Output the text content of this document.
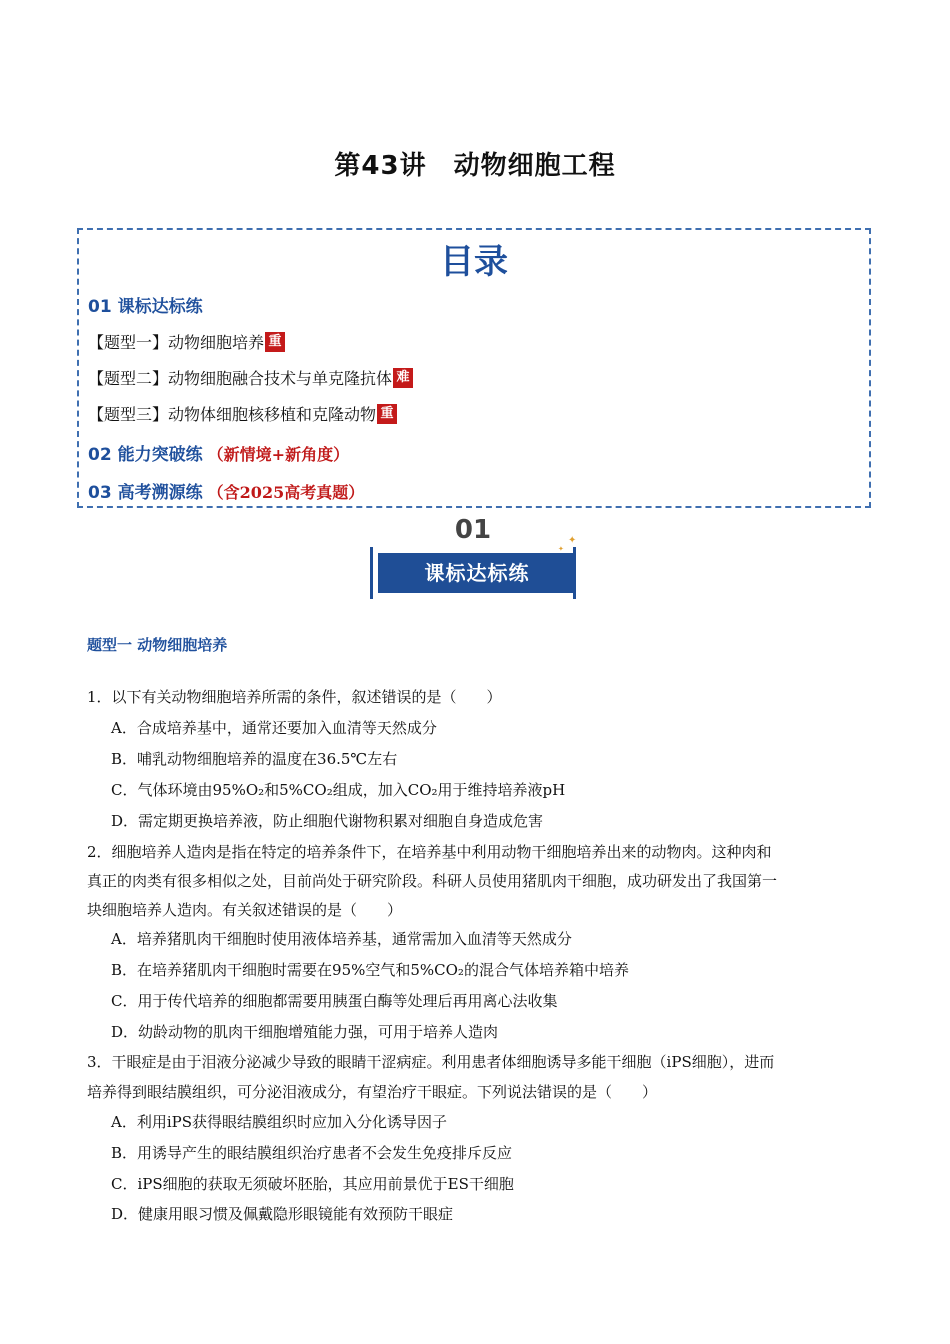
第43讲　动物细胞工程
目录
01 课标达标练
【题型一】动物细胞培养 重
【题型二】动物细胞融合技术与单克隆抗体 难
【题型三】动物体细胞核移植和克隆动物 重
02 能力突破练 （新情境+新角度）
03 高考溯源练 （含2025高考真题）
01
课标达标练
✦
✦
题型一 动物细胞培养
1．以下有关动物细胞培养所需的条件，叙述错误的是（　　）
A．合成培养基中，通常还要加入血清等天然成分
B．哺乳动物细胞培养的温度在36.5℃左右
C．气体环境由95%O₂和5%CO₂组成，加入CO₂用于维持培养液pH
D．需定期更换培养液，防止细胞代谢物积累对细胞自身造成危害
2．细胞培养人造肉是指在特定的培养条件下，在培养基中利用动物干细胞培养出来的动物肉。这种肉和
真正的肉类有很多相似之处，目前尚处于研究阶段。科研人员使用猪肌肉干细胞，成功研发出了我国第一
块细胞培养人造肉。有关叙述错误的是（　　）
A．培养猪肌肉干细胞时使用液体培养基，通常需加入血清等天然成分
B．在培养猪肌肉干细胞时需要在95%空气和5%CO₂的混合气体培养箱中培养
C．用于传代培养的细胞都需要用胰蛋白酶等处理后再用离心法收集
D．幼龄动物的肌肉干细胞增殖能力强，可用于培养人造肉
3．干眼症是由于泪液分泌减少导致的眼睛干涩病症。利用患者体细胞诱导多能干细胞（iPS细胞），进而
培养得到眼结膜组织，可分泌泪液成分，有望治疗干眼症。下列说法错误的是（　　）
A．利用iPS获得眼结膜组织时应加入分化诱导因子
B．用诱导产生的眼结膜组织治疗患者不会发生免疫排斥反应
C．iPS细胞的获取无须破坏胚胎，其应用前景优于ES干细胞
D．健康用眼习惯及佩戴隐形眼镜能有效预防干眼症
